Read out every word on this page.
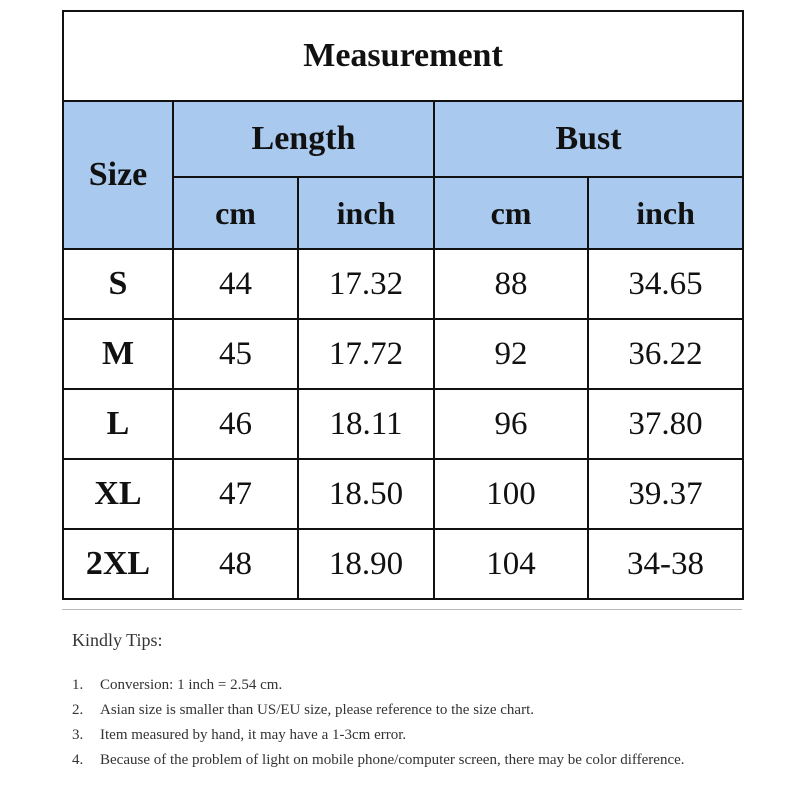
Measurement				
Size	Length		Bust	
	cm	inch	cm	inch
S	44	17.32	88	34.65
M	45	17.72	92	36.22
L	46	18.11	96	37.80
XL	47	18.50	100	39.37
2XL	48	18.90	104	34-38
Kindly Tips:
1. Conversion: 1 inch = 2.54 cm.
2. Asian size is smaller than US/EU size, please reference to the size chart.
3. Item measured by hand, it may have a 1-3cm error.
4. Because of the problem of light on mobile phone/computer screen, there may be color difference.
